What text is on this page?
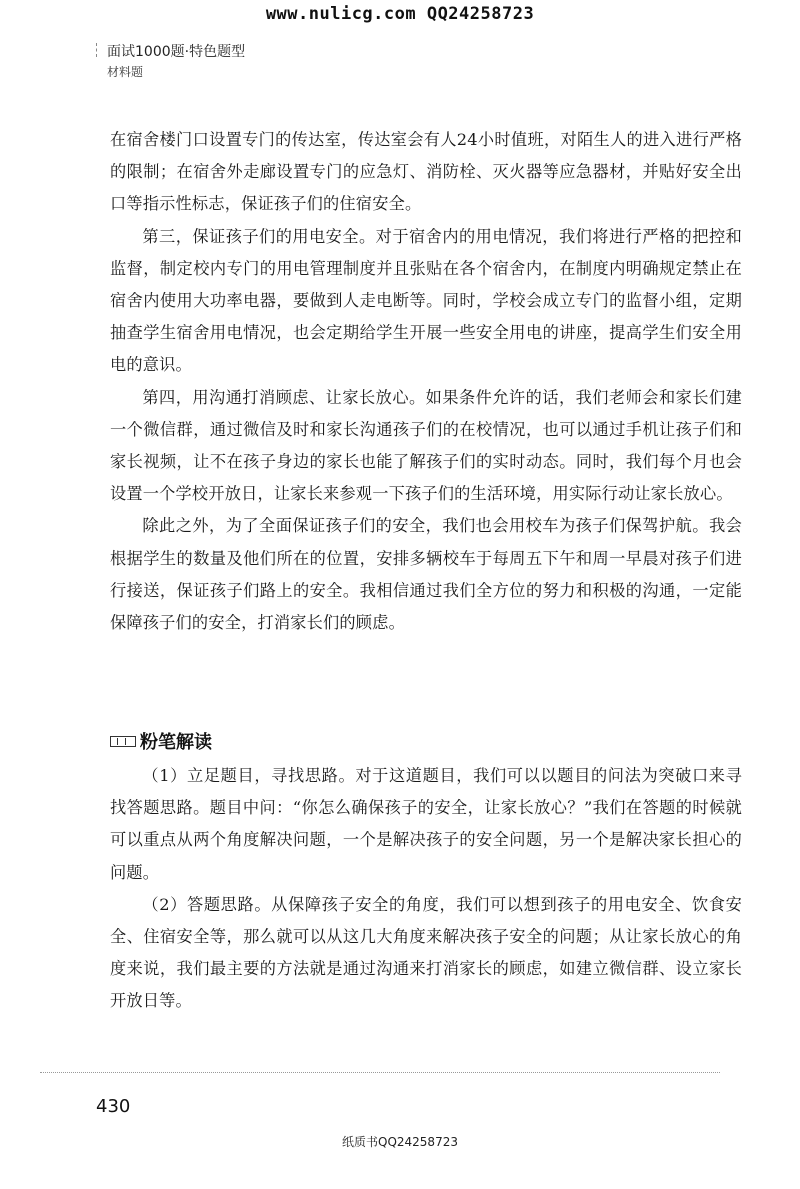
www.nulicg.com QQ24258723
面试1000题·特色题型
材料题

在宿舍楼门口设置专门的传达室，传达室会有人24小时值班，对陌生人的进入进行严格的限制；在宿舍外走廊设置专门的应急灯、消防栓、灭火器等应急器材，并贴好安全出口等指示性标志，保证孩子们的住宿安全。

第三，保证孩子们的用电安全。对于宿舍内的用电情况，我们将进行严格的把控和监督，制定校内专门的用电管理制度并且张贴在各个宿舍内，在制度内明确规定禁止在宿舍内使用大功率电器，要做到人走电断等。同时，学校会成立专门的监督小组，定期抽查学生宿舍用电情况，也会定期给学生开展一些安全用电的讲座，提高学生们安全用电的意识。

第四，用沟通打消顾虑、让家长放心。如果条件允许的话，我们老师会和家长们建一个微信群，通过微信及时和家长沟通孩子们的在校情况，也可以通过手机让孩子们和家长视频，让不在孩子身边的家长也能了解孩子们的实时动态。同时，我们每个月也会设置一个学校开放日，让家长来参观一下孩子们的生活环境，用实际行动让家长放心。

除此之外，为了全面保证孩子们的安全，我们也会用校车为孩子们保驾护航。我会根据学生的数量及他们所在的位置，安排多辆校车于每周五下午和周一早晨对孩子们进行接送，保证孩子们路上的安全。我相信通过我们全方位的努力和积极的沟通，一定能保障孩子们的安全，打消家长们的顾虑。

粉笔解读

（1）立足题目，寻找思路。对于这道题目，我们可以以题目的问法为突破口来寻找答题思路。题目中问：“你怎么确保孩子的安全，让家长放心？”我们在答题的时候就可以重点从两个角度解决问题，一个是解决孩子的安全问题，另一个是解决家长担心的问题。

（2）答题思路。从保障孩子安全的角度，我们可以想到孩子的用电安全、饮食安全、住宿安全等，那么就可以从这几大角度来解决孩子安全的问题；从让家长放心的角度来说，我们最主要的方法就是通过沟通来打消家长的顾虑，如建立微信群、设立家长开放日等。

430
纸质书QQ24258723
